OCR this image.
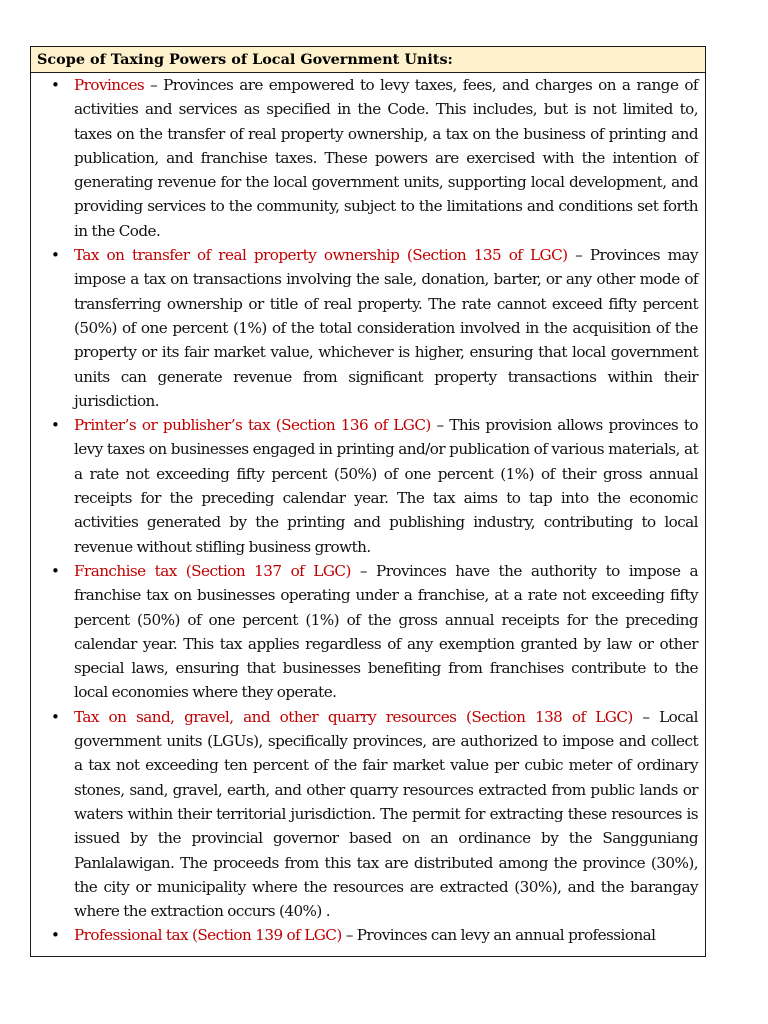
Scope of Taxing Powers of Local Government Units:
• Provinces – Provinces are empowered to levy taxes, fees, and charges on a range of activities and services as specified in the Code. This includes, but is not limited to, taxes on the transfer of real property ownership, a tax on the business of printing and publication, and franchise taxes. These powers are exercised with the intention of generating revenue for the local government units, supporting local development, and providing services to the community, subject to the limitations and conditions set forth in the Code.
• Tax on transfer of real property ownership (Section 135 of LGC) – Provinces may impose a tax on transactions involving the sale, donation, barter, or any other mode of transferring ownership or title of real property. The rate cannot exceed fifty percent (50%) of one percent (1%) of the total consideration involved in the acquisition of the property or its fair market value, whichever is higher, ensuring that local government units can generate revenue from significant property transactions within their jurisdiction.
• Printer’s or publisher’s tax (Section 136 of LGC) – This provision allows provinces to levy taxes on businesses engaged in printing and/or publication of various materials, at a rate not exceeding fifty percent (50%) of one percent (1%) of their gross annual receipts for the preceding calendar year. The tax aims to tap into the economic activities generated by the printing and publishing industry, contributing to local revenue without stifling business growth.
• Franchise tax (Section 137 of LGC) – Provinces have the authority to impose a franchise tax on businesses operating under a franchise, at a rate not exceeding fifty percent (50%) of one percent (1%) of the gross annual receipts for the preceding calendar year. This tax applies regardless of any exemption granted by law or other special laws, ensuring that businesses benefiting from franchises contribute to the local economies where they operate.
• Tax on sand, gravel, and other quarry resources (Section 138 of LGC) – Local government units (LGUs), specifically provinces, are authorized to impose and collect a tax not exceeding ten percent of the fair market value per cubic meter of ordinary stones, sand, gravel, earth, and other quarry resources extracted from public lands or waters within their territorial jurisdiction. The permit for extracting these resources is issued by the provincial governor based on an ordinance by the Sangguniang Panlalawigan. The proceeds from this tax are distributed among the province (30%), the city or municipality where the resources are extracted (30%), and the barangay where the extraction occurs (40%) .
• Professional tax (Section 139 of LGC) – Provinces can levy an annual professional
